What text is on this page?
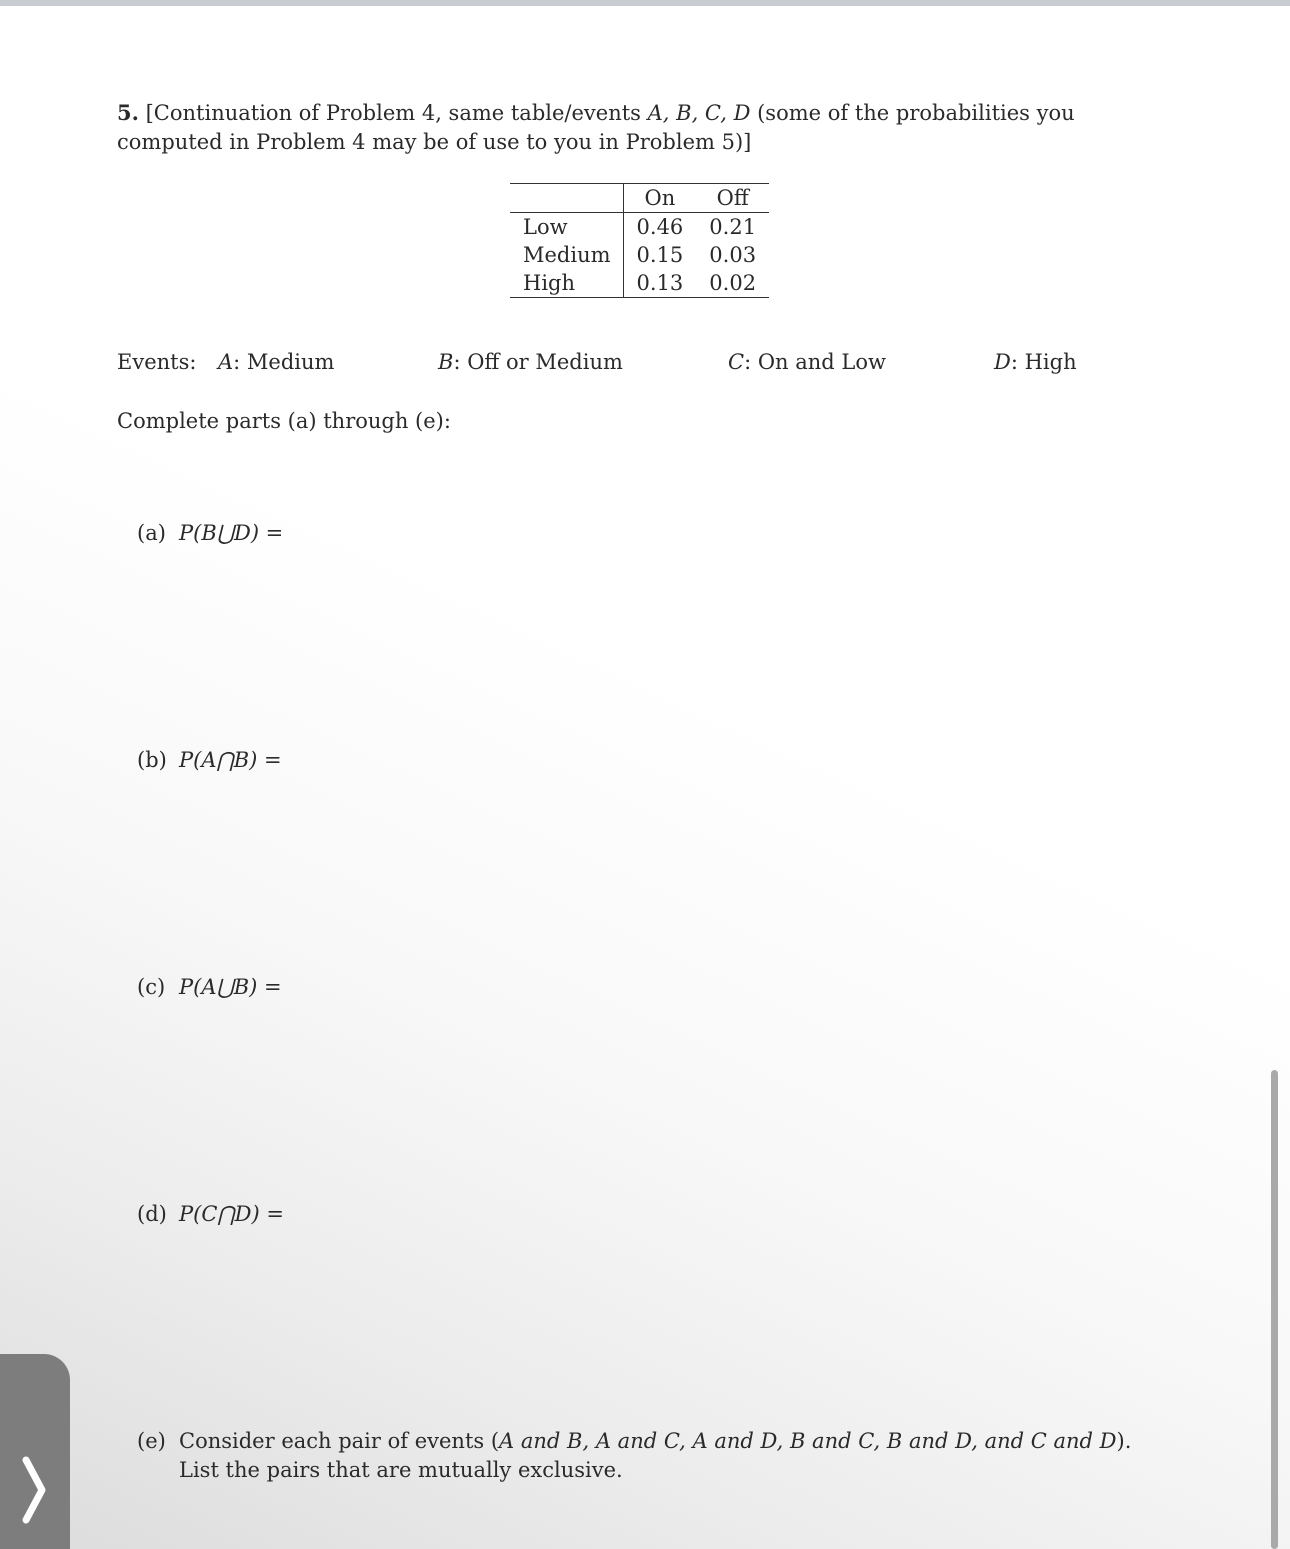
5. [Continuation of Problem 4, same table/events A, B, C, D (some of the probabilities you computed in Problem 4 may be of use to you in Problem 5)]
	On	Off
Low	0.46	0.21
Medium	0.15	0.03
High	0.13	0.02
Events: A: Medium	B: Off or Medium	C: On and Low	D: High
Complete parts (a) through (e):
(a) P(B⋃D) =
(b) P(A⋂B) =
(c) P(A⋃B) =
(d) P(C⋂D) =
(e) Consider each pair of events (A and B, A and C, A and D, B and C, B and D, and C and D). List the pairs that are mutually exclusive.
